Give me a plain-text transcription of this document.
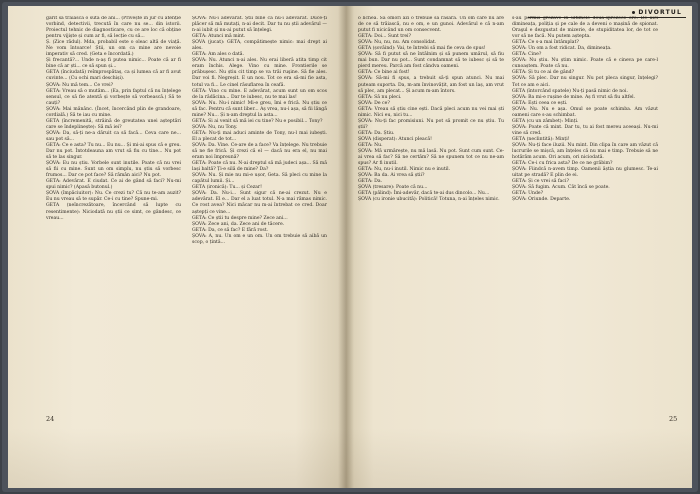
gărit să trăiască o sută de ani... (Privește în jur cu atenție vorbind, detectivii, trecută în care nu se... din istorii. Proiectul tehnic de diagnosticare, cu ce are loc că obține pentru vijiște și cum ar fi, să lecție cu să...

Ș. (Zice rădul). Mda, probabil este o oleac altă de viață. Ne vom întoarce! Știi, un om ca mine are nevoie imperativ să cred. (Geta e încordată.)

Și frecantă?... Unde n-aș fi putea nimic... Poate că ar fi bine că ar ști... ce să spun și...

GETA (înciudată) reîmprospătaș, ca și lumea că ar fi avut cuvinte... (Cu ochi mari deschiși).

ȘOVA: Nu mă tem... Ce vrei?

GETA: Vreau să o mutăm... (Ea, prin faptul că nu înțelege sensul, ce să fie atentă și vorbește să vorbească.) Să te cauți?

ȘOVA: Mai mănânc. (Încet, încercând plin de grandoare, cordială.) Să te iau cu mine.

GETA (încremenită, străină de greutatea unei așteptări care se îndeplinește): Să mă iei?

ȘOVA: Da, să-ți ne-a dăruit ca să facă... Ceva care ne... sau pot să...

GETA: Ce e asta? Tu nu... Eu nu... Și mi-ai spus că e greu. Dar nu pot. Întotdeauna am vrut să fiu cu tine... Nu pot să te las singur.

ȘOVA: Eu nu știu. Vorbele sunt inutile. Poate că nu vrei să fii cu mine. Sunt un om simplu, nu știu să vorbesc frumos... Dar ce pot face? Să rămân aici? Nu pot.

GETA: Adevărat. E ciudat. Ce ai de gând să faci? Nu-mi spui nimic? (Apasă butonul.)

ȘOVA (împăciuitor): Nu. Ce crezi tu? Că nu te-am auzit? Eu nu vreau să te supăr. Ce-i cu tine? Spune-mi.

GETA (neîncrezătoare, încercând să lupte cu resentimente): Niciodată nu știi ce simt, ce gândesc, ce vreau...

ȘOVA: Nu-i adevărat. Știi bine că nu-i adevărat. Duce-ți plăcer să mă mutați, n-ai decit. Dar tu nu știi adevărul — n-ai iubit și nu-ai putut să înțelegi.

GETA: Atunci mă mint.

ȘOVA (jucat): GETA, compătimește nimic: mai drept ai ales.

GETA: Am ales o dată.

ȘOVA: Nu. Atunci n-ai ales. Nu erai liberă atita timp cit eram închis. Alege. Vino cu mine. Frontierile se prăbușesc. Nu știu cit timp se va trăi ruşine. Să fie ales. Dar voi fi. Negreșit. E un nou. Tot ce era să-mi fie asta, totul va fi... Le cinel răsuflarea în ceafă.

GETA: Vino cu mine. E adevărat, acum sunt un om scos de la rădăcina... Dar te iubesc, nu te mai las!

ȘOVA: Nu. Nu-i nimic! Mi-e greu, îmi e frică. Nu știu ce să fac. Pentru că sunt liber... Aș vrea, nu-i așa, să fii lângă mine? Nu... Și n-am dreptul la asta...

GETA: Si ai venit să mă iei cu tine? Nu e posibil... Tony?

ȘOVA: Nu, nu Tony.

GETA: Nu-ți mai aduci aminte de Tony, nu-l mai iubești. El a plecat de tot...

ȘOVA: Da. Vine. Ce-are de a face? Va înțelege. Nu trebuie să ne fie frică. Și crezi că el — dacă nu era el, nu mai eram noi împreună?

GETA: Poate că nu. N-ai dreptul să mă judeci așa... Să mă lași baltă? Ți-e silă de mine? Da?

ȘOVA: Nu. Și mie nu mi-e ușor, Geta. Să pleci cu mine la capătul lumii. Și...

GETA (ironică): Tu... și Cezar!

ȘOVA: Da. Nu-i... Sunt sigur că ne-ai crezut. Nu e adevărat. El e... Dar el a luat totul. N-a mai rămas nimic. Ce rost avea? Nici măcar nu m-ai întrebat ce cred. Doar aștepți ce vine...

GETA: Ce știi tu despre mine? Zece ani...

ȘOVA: Zece ani, da. Zece ani de tăcere.

GETA: Da, ce să fac? E fără rost.

ȘOVA: A, nu. Un om e un om. Un om trebuie să aibă un scop, o țintă...

24
DIVORTUL

o lichea. Să omori azi o trebuie să răsară. Un om care nu are de ce să trăiască, nu e om, e un gunoi. Adevărul e că n-am putut fi nicicând un om consecvent.

GETA: Doi... Sunt trei?

ȘOVA: Nu, nu, nu. Am consolidat.

GETA (șovăind): Vai, te întrebi să mai fie ceva de spus!

ȘOVA: Să fi putut să ne întâlnim și să punem umărul, să fiu mai bun. Dar nu pot... Sunt condamnat să te iubesc și să te pierd mereu. Parcă am fost cândva oameni.

GETA: Ce bine ai fost!

ȘOVA: Să-mi fi spus, a trebuit să-ți spun atunci. Nu mai puteam suporta. Da, m-am învinovățit, am fost un laș, am vrut să plec, am plecat... Și acum m-am întors.

GETA: Să nu pleci.

ȘOVA: De ce?

GETA: Vreau să știu cine ești. Dacă pleci acum nu vei mai ști nimic. Nici eu, nici tu...

ȘOVA: Nu-ți fac promisiuni. Nu pot să promit ce nu știu. Tu știi?

GETA: Da. Știu.

ȘOVA (disperat): Atunci pleacă!

GETA: Nu.

ȘOVA: Mă urmărește, nu mă lasă. Nu pot. Sunt cum sunt. Ce-ai vrea să fac? Să ne certăm? Să ne spunem tot ce nu ne-am spus? Ar fi inutil.

GETA: Nu, nu-i inutil. Nimic nu e inutil.

ȘOVA: Ba da. Ai vrea să știi?

GETA: Da.

ȘOVA (tresare): Poate că nu...

GETA (pălind): Îmi-adevăr, dacă te-ai dus dincolo... Nu...

ȘOVA (cu ironie ubucită): Politică! Totuna, n-ai înțeles nimic.

s-au permis grozave în ultimele două-sprezece ore. De aici dimineața, poliția și pe cale de a deveni o mașină de spionat. Oraşul e dezgustat de mizerie, de stupiditatea lor, de tot ce vor să ne facă. Nu putem aștepta.

GETA: Ce s-a mai întâmplat?

ȘOVA: Un om a fost ridicat. Da, dimineața.

GETA: Cine?

ȘOVA: Nu știu. Nu știm nimic. Poate că e cineva pe care-l cunoaștem. Poate că nu.

GETA: Și tu ce ai de gând?

ȘOVA: Să plec. Dar nu singur. Nu pot pleca singur, înțelegi? Tot ce am e aici.

GETA (întorcând spatele) Nu-ți pasă nimic de noi.

ȘOVA: Ba mi-e rușine de mine. Aș fi vrut să fiu altfel.

GETA: Ești ceea ce ești.

ȘOVA: Nu. Nu e așa. Omul se poate schimba. Am văzut oameni care s-au schimbat.

GETA (cu un zâmbet): Minți.

ȘOVA: Poate că mint. Dar tu, tu ai fost mereu aceeași. Nu-mi vine să cred.

GETA (neclintită): Minți!

ȘOVA: Nu-ți face iluzii. Nu mint. Din clipa în care am văzut că lucrurile se mișcă, am înțeles că nu mai e timp. Trebuie să ne hotărâm acum. Ori acum, ori niciodată.

GETA: Ce-i cu frica asta? De ce ne grăbim?

ȘOVA: Fiindcă n-avem timp. Oamenii ăștia nu glumesc. Te-ai uitat pe stradă? E plin de ei.

GETA: Și ce vrei să faci?

ȘOVA: Să fugim. Acum. Cât încă se poate.

GETA: Unde?

ȘOVA: Oriunde. Departe.

25
